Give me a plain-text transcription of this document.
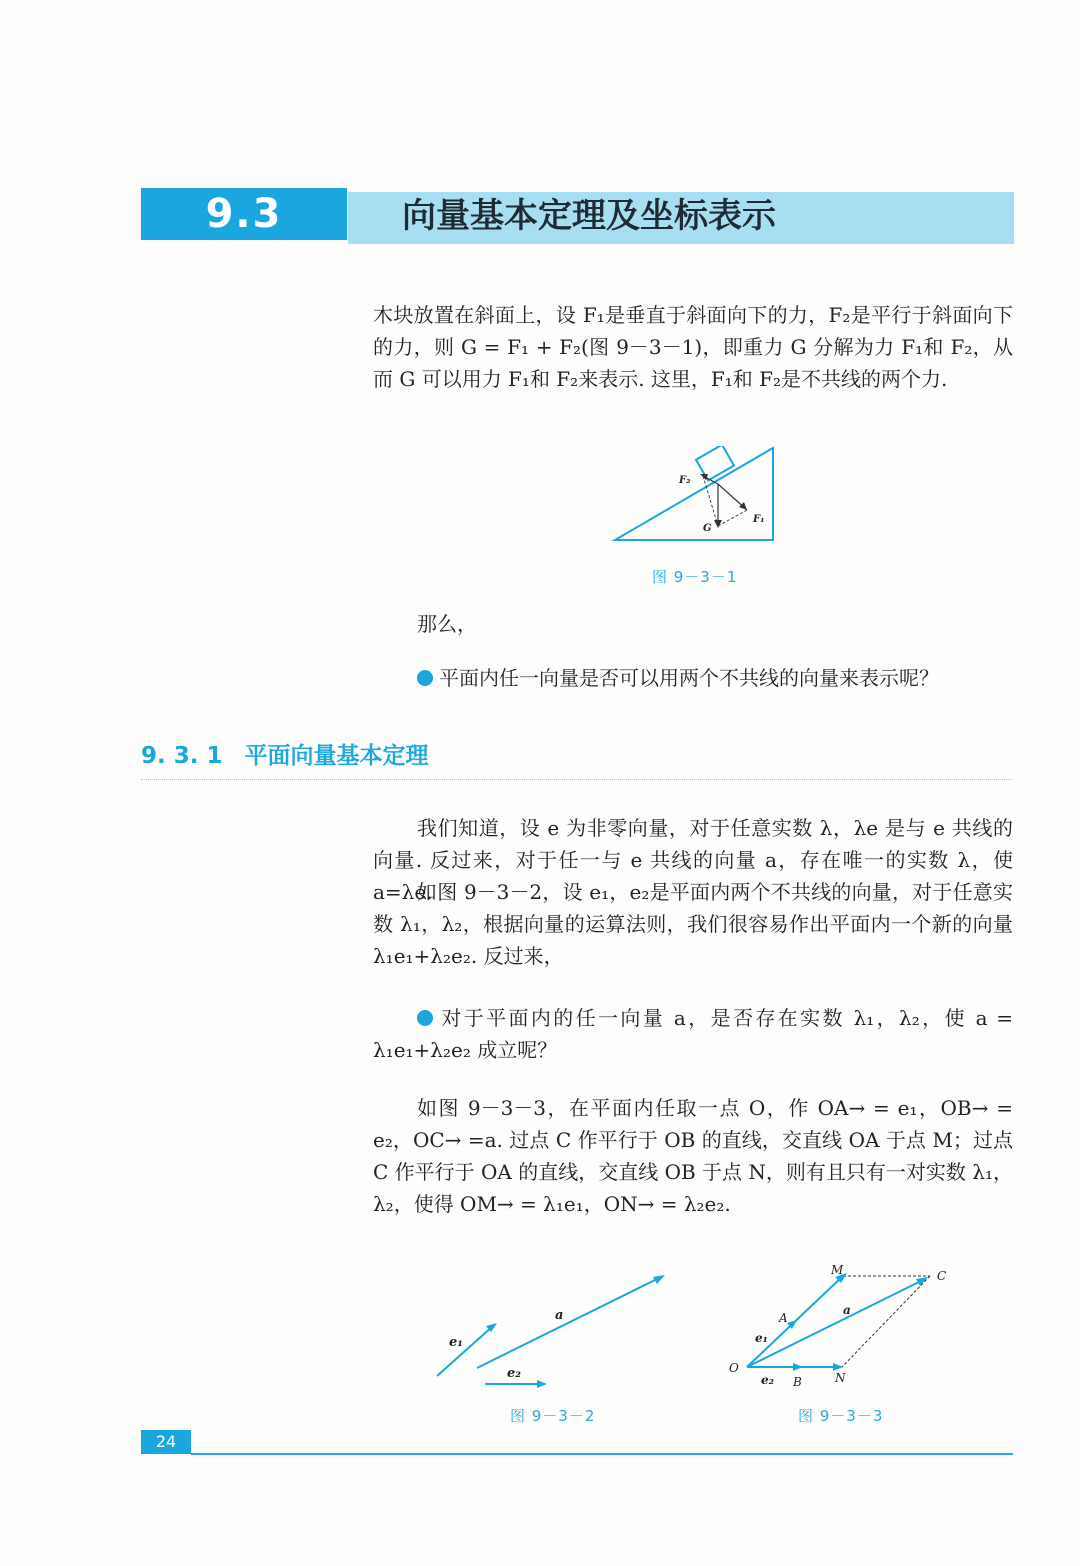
9.3	向量基本定理及坐标表示
木块放置在斜面上，设 F₁是垂直于斜面向下的力，F₂是平行于斜面向下的力，则 G = F₁ + F₂(图 9－3－1)，即重力 G 分解为力 F₁和 F₂，从而 G 可以用力 F₁和 F₂来表示. 这里，F₁和 F₂是不共线的两个力.
F₂
F₁
G
图 9－3－1
那么，
平面内任一向量是否可以用两个不共线的向量来表示呢？
9. 3. 1 平面向量基本定理
我们知道，设 e 为非零向量，对于任意实数 λ，λe 是与 e 共线的向量. 反过来，对于任一与 e 共线的向量 a，存在唯一的实数 λ，使 a=λe.
如图 9－3－2，设 e₁，e₂是平面内两个不共线的向量，对于任意实数 λ₁，λ₂，根据向量的运算法则，我们很容易作出平面内一个新的向量 λ₁e₁+λ₂e₂. 反过来，
对于平面内的任一向量 a，是否存在实数 λ₁，λ₂，使 a = λ₁e₁+λ₂e₂ 成立呢？
如图 9－3－3，在平面内任取一点 O，作 OA→ = e₁，OB→ = e₂，OC→ =a. 过点 C 作平行于 OB 的直线，交直线 OA 于点 M；过点 C 作平行于 OA 的直线，交直线 OB 于点 N，则有且只有一对实数 λ₁，λ₂，使得 OM→ = λ₁e₁，ON→ = λ₂e₂.
e₁
a
e₂
图 9－3－2
M	C
A
a
e₁
O
e₂ B	N
图 9－3－3
24
